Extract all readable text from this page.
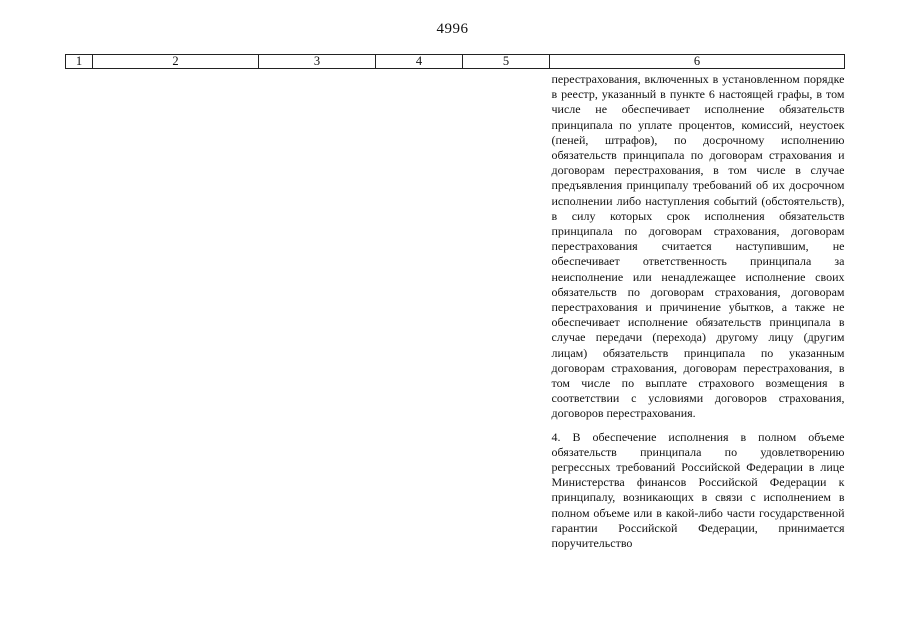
4996
1	2	3	4	5	6

					перестрахования, включенных в установленном порядке в реестр, указанный в пункте 6 настоящей графы, в том числе не обеспечивает исполнение обязательств принципала по уплате процентов, комиссий, неустоек (пеней, штрафов), по досрочному исполнению обязательств принципала по договорам страхования и договорам перестрахования, в том числе в случае предъявления принципалу требований об их досрочном исполнении либо наступления событий (обстоятельств), в силу которых срок исполнения обязательств принципала по договорам страхования, договорам перестрахования считается наступившим, не обеспечивает ответственность принципала за неисполнение или ненадлежащее исполнение своих обязательств по договорам страхования, договорам перестрахования и причинение убытков, а также не обеспечивает исполнение обязательств принципала в случае передачи (перехода) другому лицу (другим лицам) обязательств принципала по указанным договорам страхования, договорам перестрахования, в том числе по выплате страхового возмещения в соответствии с условиями договоров страхования, договоров перестрахования.

4. В обеспечение исполнения в полном объеме обязательств принципала по удовлетворению регрессных требований Российской Федерации в лице Министерства финансов Российской Федерации к принципалу, возникающих в связи с исполнением в полном объеме или в какой-либо части государственной гарантии Российской Федерации, принимается поручительство
